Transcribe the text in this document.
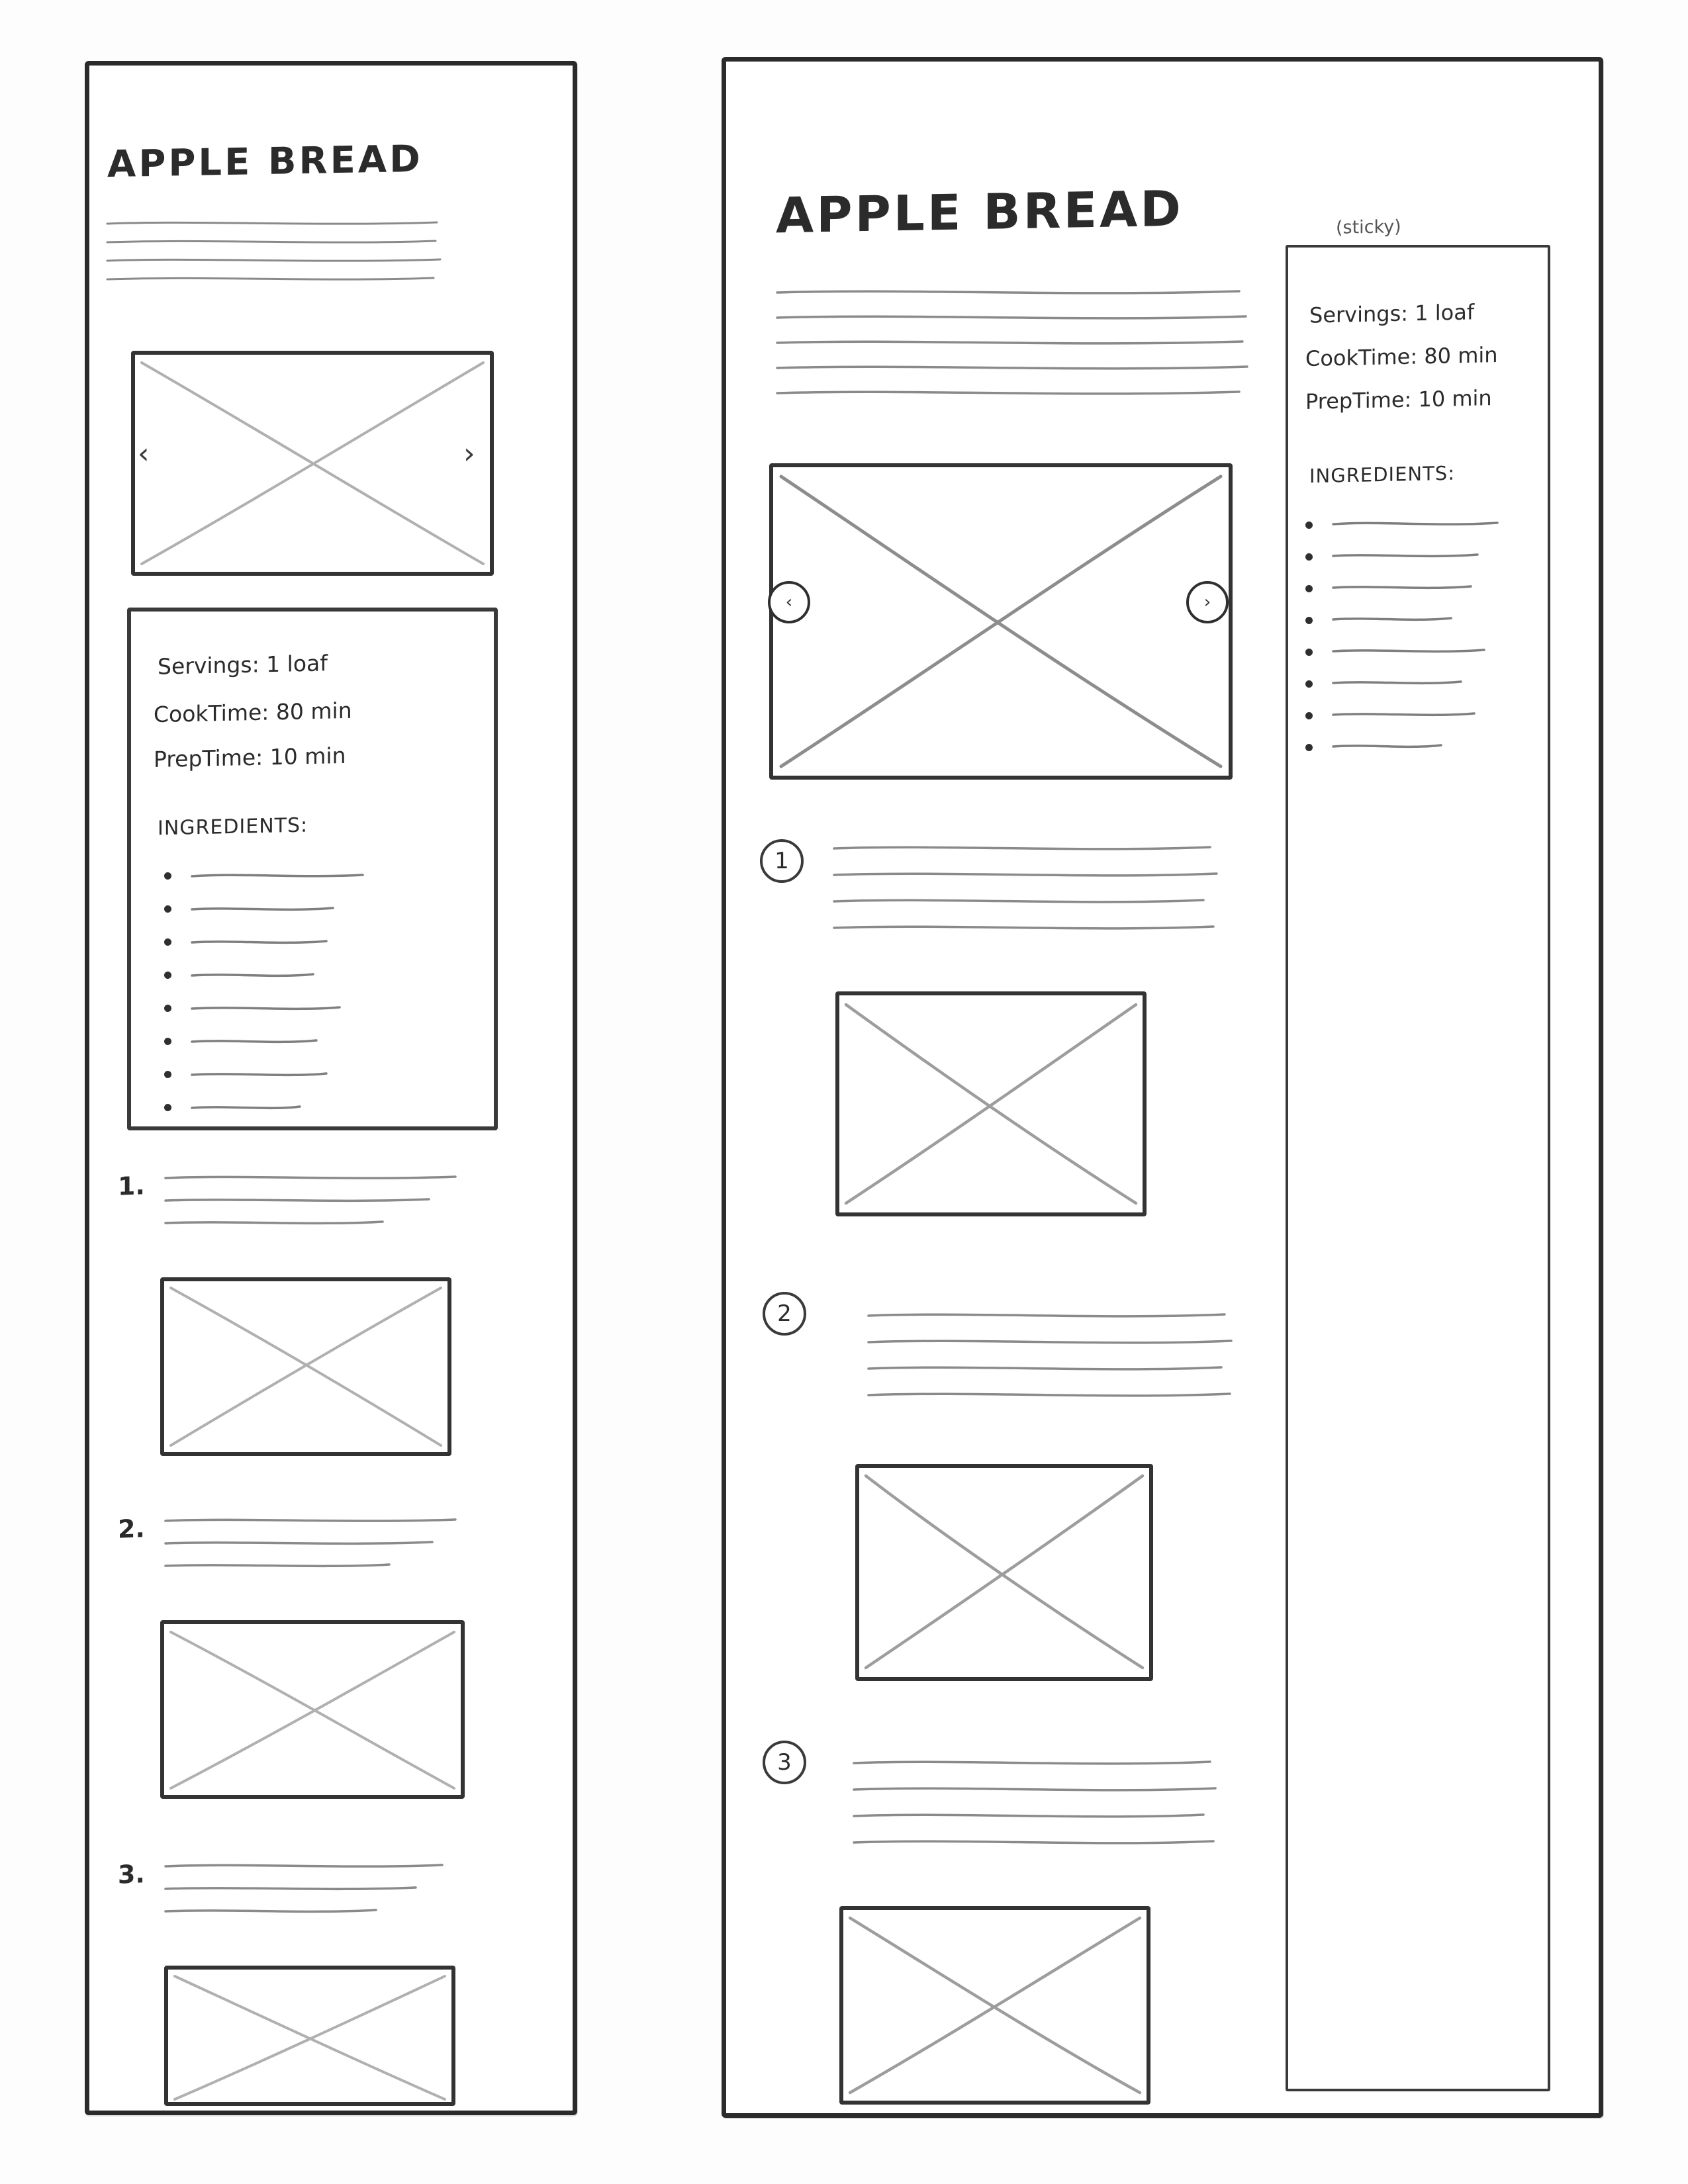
APPLE BREAD
‹	›
Servings: 1 loaf
CookTime: 80 min
PrepTime: 10 min
INGREDIENTS:
1.
2.
3.
APPLE BREAD
‹	›
(sticky)
Servings: 1 loaf
CookTime: 80 min
PrepTime: 10 min
INGREDIENTS:
1
2
3
